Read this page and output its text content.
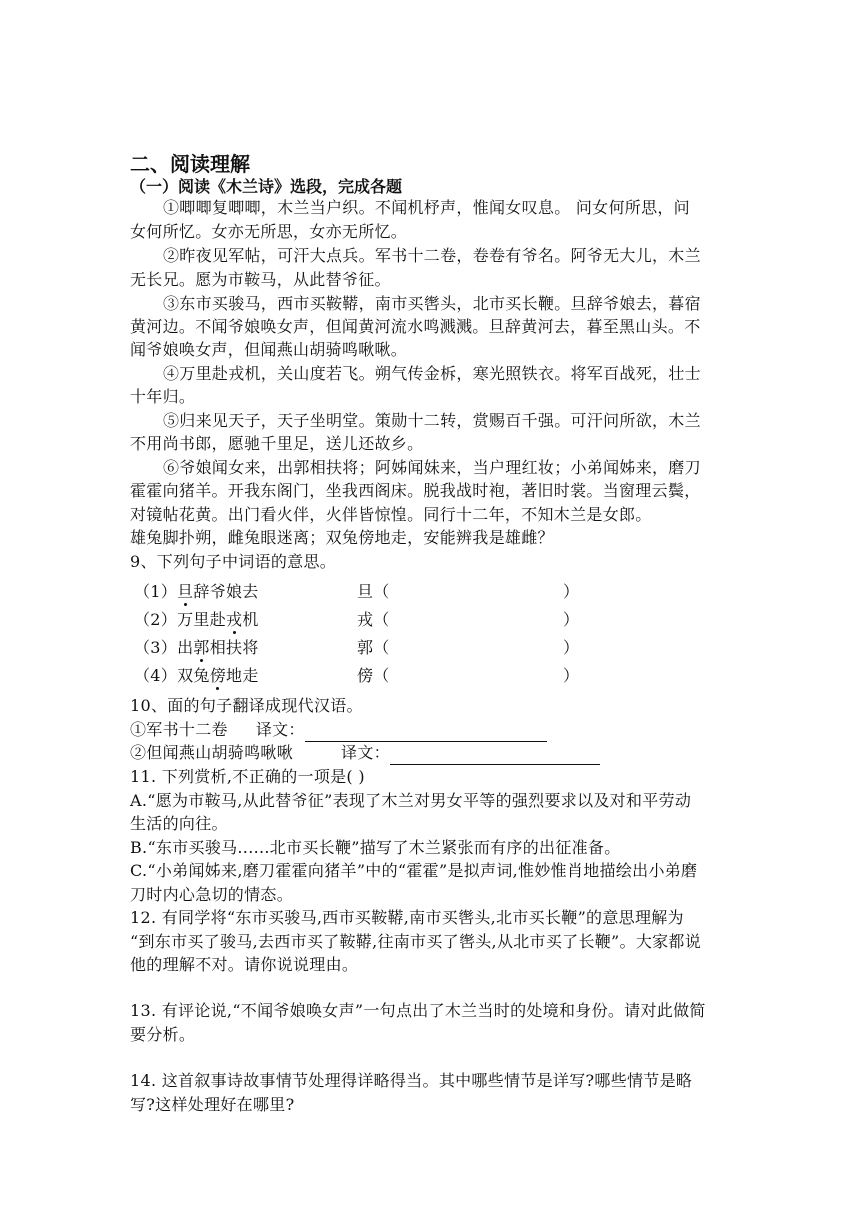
二、阅读理解
（一）阅读《木兰诗》选段，完成各题
①唧唧复唧唧，木兰当户织。不闻机杼声，惟闻女叹息。 问女何所思，问
女何所忆。女亦无所思，女亦无所忆。
②昨夜见军帖，可汗大点兵。军书十二卷，卷卷有爷名。阿爷无大儿，木兰
无长兄。愿为市鞍马，从此替爷征。
③东市买骏马，西市买鞍鞯，南市买辔头，北市买长鞭。旦辞爷娘去，暮宿
黄河边。不闻爷娘唤女声，但闻黄河流水鸣溅溅。旦辞黄河去，暮至黑山头。不
闻爷娘唤女声，但闻燕山胡骑鸣啾啾。
④万里赴戎机，关山度若飞。朔气传金柝，寒光照铁衣。将军百战死，壮士
十年归。
⑤归来见天子，天子坐明堂。策勋十二转，赏赐百千强。可汗问所欲，木兰
不用尚书郎，愿驰千里足，送儿还故乡。
⑥爷娘闻女来，出郭相扶将；阿姊闻妹来，当户理红妆；小弟闻姊来，磨刀
霍霍向猪羊。开我东阁门，坐我西阁床。脱我战时袍，著旧时裳。当窗理云鬓，
对镜帖花黄。出门看火伴，火伴皆惊惶。同行十二年，不知木兰是女郎。
雄兔脚扑朔，雌兔眼迷离；双兔傍地走，安能辨我是雄雌？
9、下列句子中词语的意思。
（1）旦辞爷娘去	旦（	）
（2）万里赴戎机	戎（	）
（3）出郭相扶将	郭（	）
（4）双兔傍地走	傍（	）
10、面的句子翻译成现代汉语。
①军书十二卷 译文：
②但闻燕山胡骑鸣啾啾	译文：
11. 下列赏析,不正确的一项是( )
A.“愿为市鞍马,从此替爷征”表现了木兰对男女平等的强烈要求以及对和平劳动
生活的向往。
B.“东市买骏马......北市买长鞭”描写了木兰紧张而有序的出征准备。
C.“小弟闻姊来,磨刀霍霍向猪羊”中的“霍霍”是拟声词,惟妙惟肖地描绘出小弟磨
刀时内心急切的情态。
12. 有同学将“东市买骏马,西市买鞍鞯,南市买辔头,北市买长鞭”的意思理解为
“到东市买了骏马,去西市买了鞍鞯,往南市买了辔头,从北市买了长鞭”。大家都说
他的理解不对。请你说说理由。
13. 有评论说,“不闻爷娘唤女声”一句点出了木兰当时的处境和身份。请对此做简
要分析。
14. 这首叙事诗故事情节处理得详略得当。其中哪些情节是详写?哪些情节是略
写?这样处理好在哪里?
